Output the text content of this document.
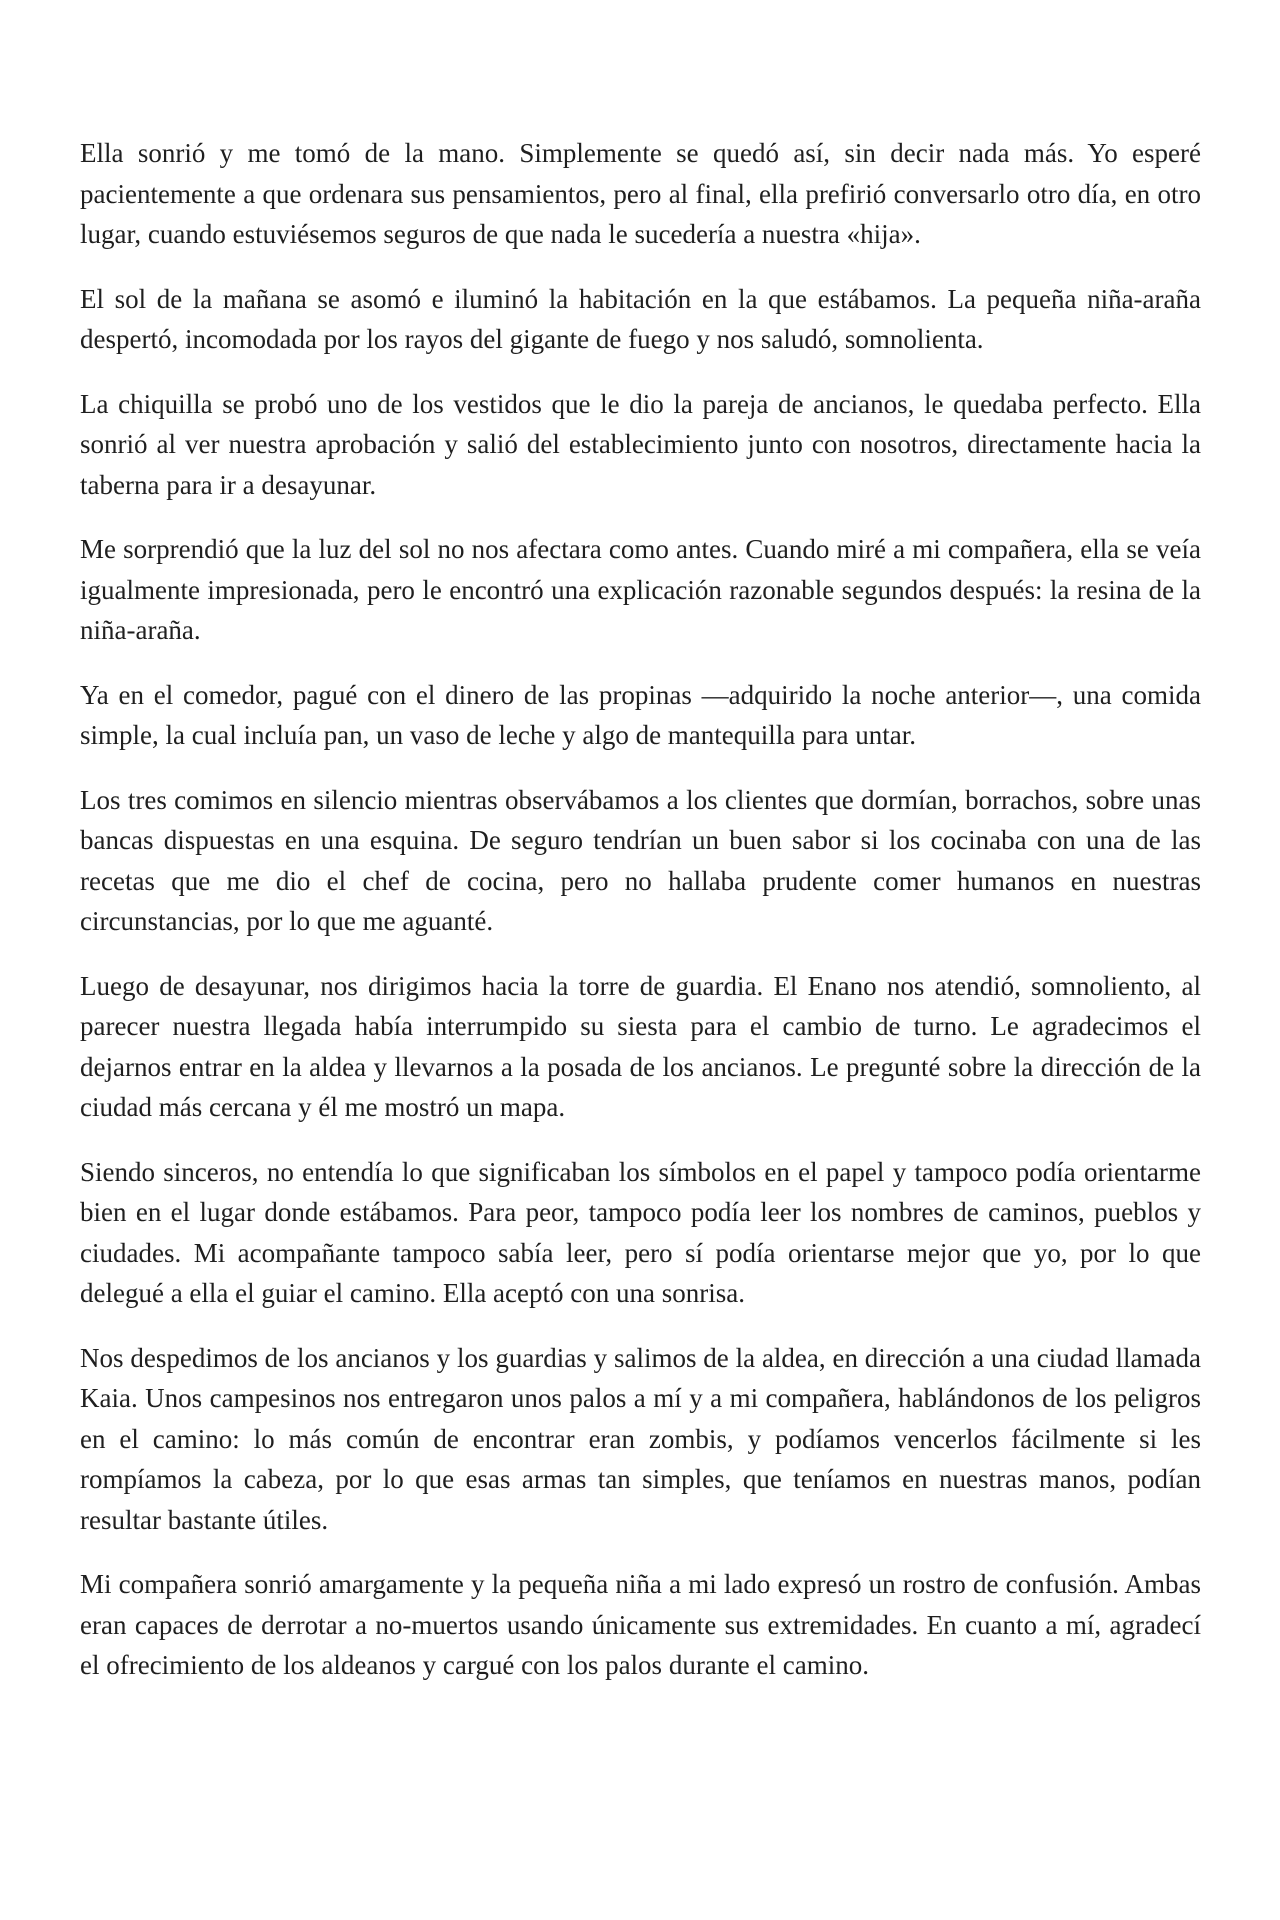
Ella sonrió y me tomó de la mano. Simplemente se quedó así, sin decir nada más. Yo esperé pacientemente a que ordenara sus pensamientos, pero al final, ella prefirió conversarlo otro día, en otro lugar, cuando estuviésemos seguros de que nada le sucedería a nuestra «hija».

El sol de la mañana se asomó e iluminó la habitación en la que estábamos. La pequeña niña-araña despertó, incomodada por los rayos del gigante de fuego y nos saludó, somnolienta.

La chiquilla se probó uno de los vestidos que le dio la pareja de ancianos, le quedaba perfecto. Ella sonrió al ver nuestra aprobación y salió del establecimiento junto con nosotros, directamente hacia la taberna para ir a desayunar.

Me sorprendió que la luz del sol no nos afectara como antes. Cuando miré a mi compañera, ella se veía igualmente impresionada, pero le encontró una explicación razonable segundos después: la resina de la niña-araña.

Ya en el comedor, pagué con el dinero de las propinas —adquirido la noche anterior—, una comida simple, la cual incluía pan, un vaso de leche y algo de mantequilla para untar.

Los tres comimos en silencio mientras observábamos a los clientes que dormían, borrachos, sobre unas bancas dispuestas en una esquina. De seguro tendrían un buen sabor si los cocinaba con una de las recetas que me dio el chef de cocina, pero no hallaba prudente comer humanos en nuestras circunstancias, por lo que me aguanté.

Luego de desayunar, nos dirigimos hacia la torre de guardia. El Enano nos atendió, somnoliento, al parecer nuestra llegada había interrumpido su siesta para el cambio de turno. Le agradecimos el dejarnos entrar en la aldea y llevarnos a la posada de los ancianos. Le pregunté sobre la dirección de la ciudad más cercana y él me mostró un mapa.

Siendo sinceros, no entendía lo que significaban los símbolos en el papel y tampoco podía orientarme bien en el lugar donde estábamos. Para peor, tampoco podía leer los nombres de caminos, pueblos y ciudades. Mi acompañante tampoco sabía leer, pero sí podía orientarse mejor que yo, por lo que delegué a ella el guiar el camino. Ella aceptó con una sonrisa.

Nos despedimos de los ancianos y los guardias y salimos de la aldea, en dirección a una ciudad llamada Kaia. Unos campesinos nos entregaron unos palos a mí y a mi compañera, hablándonos de los peligros en el camino: lo más común de encontrar eran zombis, y podíamos vencerlos fácilmente si les rompíamos la cabeza, por lo que esas armas tan simples, que teníamos en nuestras manos, podían resultar bastante útiles.

Mi compañera sonrió amargamente y la pequeña niña a mi lado expresó un rostro de confusión. Ambas eran capaces de derrotar a no-muertos usando únicamente sus extremidades. En cuanto a mí, agradecí el ofrecimiento de los aldeanos y cargué con los palos durante el camino.
